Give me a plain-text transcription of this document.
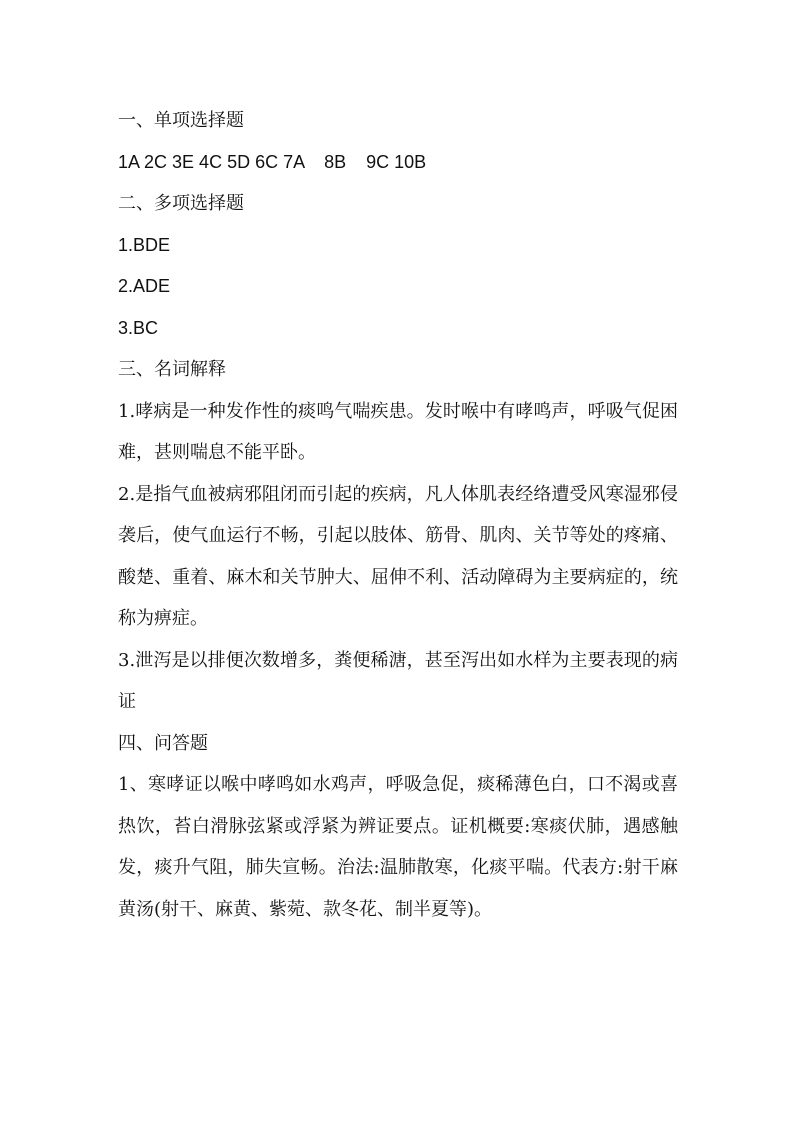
一、单项选择题
1A 2C 3E 4C 5D 6C 7A    8B    9C 10B
二、多项选择题
1.BDE
2.ADE
3.BC
三、名词解释

1.哮病是一种发作性的痰鸣气喘疾患。发时喉中有哮鸣声，呼吸气促困难，甚则喘息不能平卧。

2.是指气血被病邪阻闭而引起的疾病，凡人体肌表经络遭受风寒湿邪侵袭后，使气血运行不畅，引起以肢体、筋骨、肌肉、关节等处的疼痛、酸楚、重着、麻木和关节肿大、屈伸不利、活动障碍为主要病症的，统称为痹症。

3.泄泻是以排便次数增多，粪便稀溏，甚至泻出如水样为主要表现的病证

四、问答题

1、寒哮证以喉中哮鸣如水鸡声，呼吸急促，痰稀薄色白，口不渴或喜热饮，苔白滑脉弦紧或浮紧为辨证要点。证机概要:寒痰伏肺，遇感触发，痰升气阻，肺失宣畅。治法:温肺散寒，化痰平喘。代表方:射干麻黄汤(射干、麻黄、紫菀、款冬花、制半夏等)。
